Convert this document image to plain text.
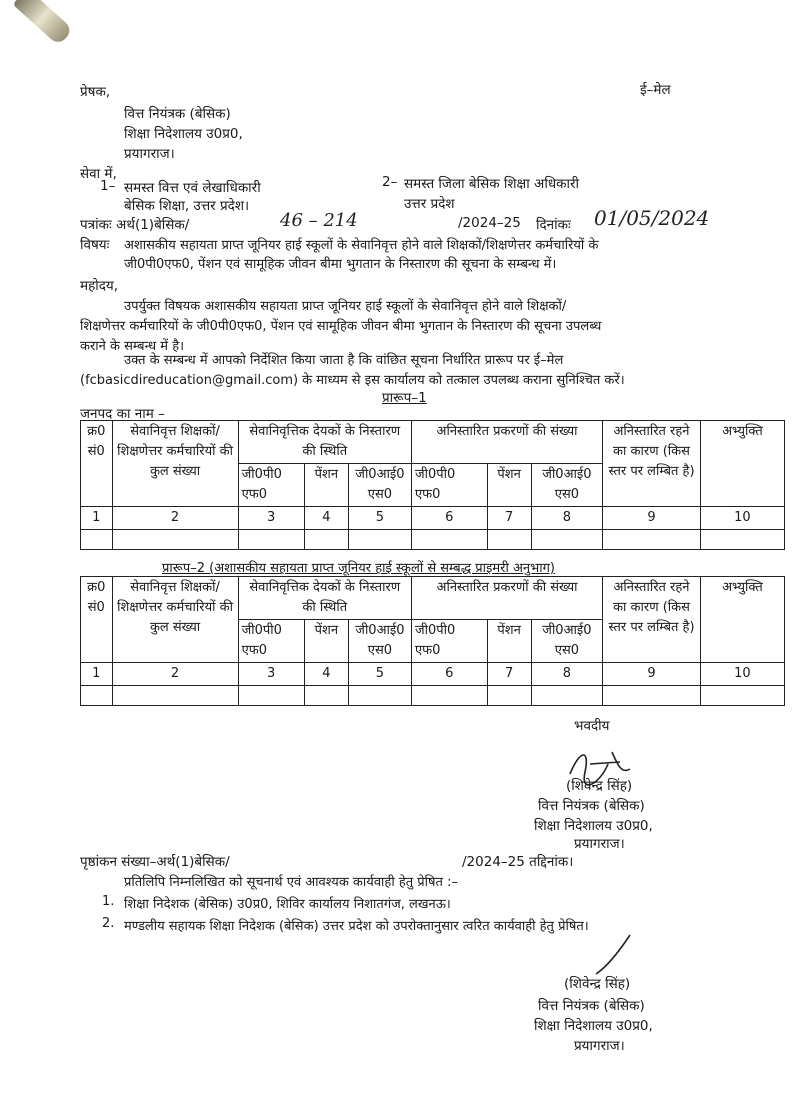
प्रेषक,	ई–मेल
वित्त नियंत्रक (बेसिक)
शिक्षा निदेशालय उ0प्र0,
प्रयागराज।
सेवा में,
1– समस्त वित्त एवं लेखाधिकारी
बेसिक शिक्षा, उत्तर प्रदेश।
2– समस्त जिला बेसिक शिक्षा अधिकारी
उत्तर प्रदेश
पत्रांकः अर्थ(1)बेसिक/	46 – 214	/2024–25 दिनांकः 01/05/2024
विषयः अशासकीय सहायता प्राप्त जूनियर हाई स्कूलों के सेवानिवृत्त होने वाले शिक्षकों/शिक्षणेत्तर कर्मचारियों के
जी0पी0एफ0, पेंशन एवं सामूहिक जीवन बीमा भुगतान के निस्तारण की सूचना के सम्बन्ध में।
महोदय,
उपर्युक्त विषयक अशासकीय सहायता प्राप्त जूनियर हाई स्कूलों के सेवानिवृत्त होने वाले शिक्षकों/
शिक्षणेत्तर कर्मचारियों के जी0पी0एफ0, पेंशन एवं सामूहिक जीवन बीमा भुगतान के निस्तारण की सूचना उपलब्ध
कराने के सम्बन्ध में है।
उक्त के सम्बन्ध में आपको निर्देशित किया जाता है कि वांछित सूचना निर्धारित प्रारूप पर ई–मेल
(fcbasicdireducation@gmail.com) के माध्यम से इस कार्यालय को तत्काल उपलब्ध कराना सुनिश्चित करें।
प्रारूप–1
जनपद का नाम –
क्र0 सं0	सेवानिवृत्त शिक्षकों/शिक्षणेत्तर कर्मचारियों की कुल संख्या	सेवानिवृत्तिक देयकों के निस्तारण की स्थिति			अनिस्तारित प्रकरणों की संख्या			अनिस्तारित रहने का कारण (किस स्तर पर लम्बित है)	अभ्युक्ति
		जी0पी0 एफ0	पेंशन	जी0आई0 एस0	जी0पी0 एफ0	पेंशन	जी0आई0 एस0		
1	2	3	4	5	6	7	8	9	10

प्रारूप–2 (अशासकीय सहायता प्राप्त जूनियर हाई स्कूलों से सम्बद्ध प्राइमरी अनुभाग)
क्र0 सं0	सेवानिवृत्त शिक्षकों/शिक्षणेत्तर कर्मचारियों की कुल संख्या	सेवानिवृत्तिक देयकों के निस्तारण की स्थिति			अनिस्तारित प्रकरणों की संख्या			अनिस्तारित रहने का कारण (किस स्तर पर लम्बित है)	अभ्युक्ति
		जी0पी0 एफ0	पेंशन	जी0आई0 एस0	जी0पी0 एफ0	पेंशन	जी0आई0 एस0		
1	2	3	4	5	6	7	8	9	10

भवदीय
(शिवेन्द्र सिंह)
वित्त नियंत्रक (बेसिक)
शिक्षा निदेशालय उ0प्र0,
प्रयागराज।
पृष्ठांकन संख्या–अर्थ(1)बेसिक/	/2024–25 तद्दिनांक।
प्रतिलिपि निम्नलिखित को सूचनार्थ एवं आवश्यक कार्यवाही हेतु प्रेषित :–
1. शिक्षा निदेशक (बेसिक) उ0प्र0, शिविर कार्यालय निशातगंज, लखनऊ।
2. मण्डलीय सहायक शिक्षा निदेशक (बेसिक) उत्तर प्रदेश को उपरोक्तानुसार त्वरित कार्यवाही हेतु प्रेषित।
(शिवेन्द्र सिंह)
वित्त नियंत्रक (बेसिक)
शिक्षा निदेशालय उ0प्र0,
प्रयागराज।
